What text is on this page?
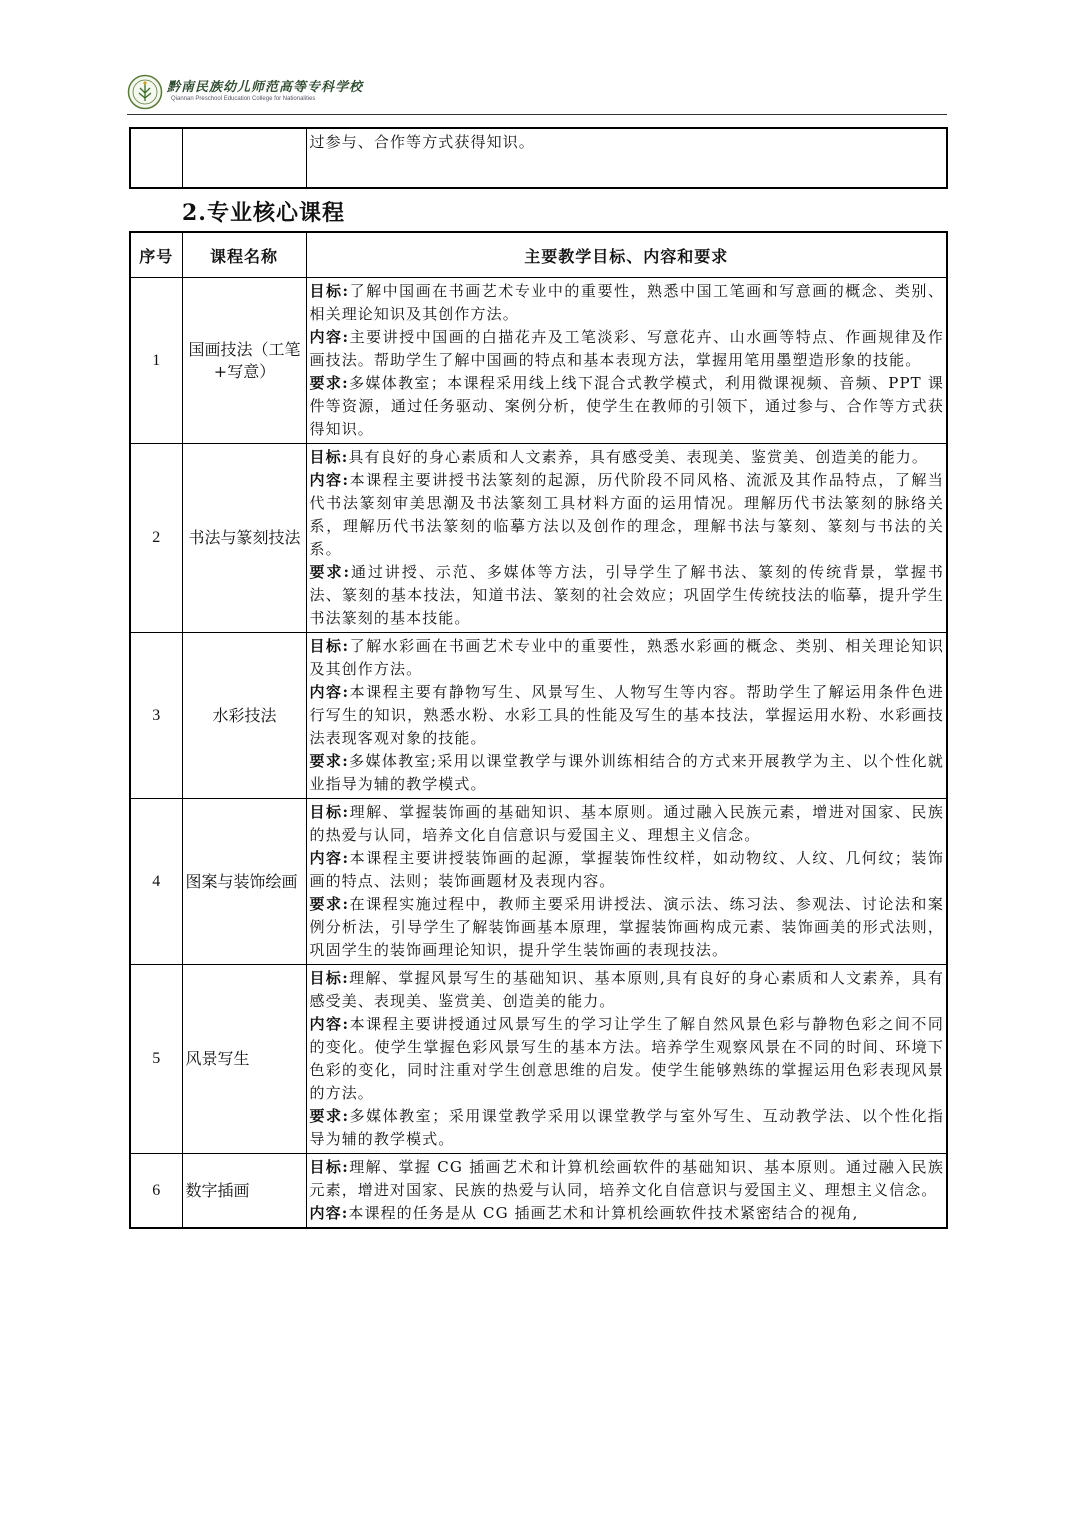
黔南民族幼儿师范高等专科学校
Qiannan Preschool Education College for Nationalities

过参与、合作等方式获得知识。

2.专业核心课程
序号	课程名称	主要教学目标、内容和要求
1	国画技法（工笔+写意）	目标:了解中国画在书画艺术专业中的重要性，熟悉中国工笔画和写意画的概念、类别、相关理论知识及其创作方法。

内容:主要讲授中国画的白描花卉及工笔淡彩、写意花卉、山水画等特点、作画规律及作画技法。帮助学生了解中国画的特点和基本表现方法，掌握用笔用墨塑造形象的技能。

要求:多媒体教室；本课程采用线上线下混合式教学模式，利用微课视频、音频、PPT 课件等资源，通过任务驱动、案例分析，使学生在教师的引领下，通过参与、合作等方式获得知识。

2	书法与篆刻技法	目标:具有良好的身心素质和人文素养，具有感受美、表现美、鉴赏美、创造美的能力。

内容:本课程主要讲授书法篆刻的起源，历代阶段不同风格、流派及其作品特点，了解当代书法篆刻审美思潮及书法篆刻工具材料方面的运用情况。理解历代书法篆刻的脉络关系，理解历代书法篆刻的临摹方法以及创作的理念，理解书法与篆刻、篆刻与书法的关系。

要求:通过讲授、示范、多媒体等方法，引导学生了解书法、篆刻的传统背景，掌握书法、篆刻的基本技法，知道书法、篆刻的社会效应；巩固学生传统技法的临摹，提升学生书法篆刻的基本技能。

3	水彩技法	目标:了解水彩画在书画艺术专业中的重要性，熟悉水彩画的概念、类别、相关理论知识及其创作方法。

内容:本课程主要有静物写生、风景写生、人物写生等内容。帮助学生了解运用条件色进行写生的知识，熟悉水粉、水彩工具的性能及写生的基本技法，掌握运用水粉、水彩画技法表现客观对象的技能。

要求:多媒体教室;采用以课堂教学与课外训练相结合的方式来开展教学为主、以个性化就业指导为辅的教学模式。

4	图案与装饰绘画	目标:理解、掌握装饰画的基础知识、基本原则。通过融入民族元素，增进对国家、民族的热爱与认同，培养文化自信意识与爱国主义、理想主义信念。

内容:本课程主要讲授装饰画的起源，掌握装饰性纹样，如动物纹、人纹、几何纹；装饰画的特点、法则；装饰画题材及表现内容。

要求:在课程实施过程中，教师主要采用讲授法、演示法、练习法、参观法、讨论法和案例分析法，引导学生了解装饰画基本原理，掌握装饰画构成元素、装饰画美的形式法则，巩固学生的装饰画理论知识，提升学生装饰画的表现技法。

5	风景写生	目标:理解、掌握风景写生的基础知识、基本原则,具有良好的身心素质和人文素养，具有感受美、表现美、鉴赏美、创造美的能力。

内容:本课程主要讲授通过风景写生的学习让学生了解自然风景色彩与静物色彩之间不同的变化。使学生掌握色彩风景写生的基本方法。培养学生观察风景在不同的时间、环境下色彩的变化，同时注重对学生创意思维的启发。使学生能够熟练的掌握运用色彩表现风景的方法。

要求:多媒体教室；采用课堂教学采用以课堂教学与室外写生、互动教学法、以个性化指导为辅的教学模式。

6	数字插画	目标:理解、掌握 CG 插画艺术和计算机绘画软件的基础知识、基本原则。通过融入民族元素，增进对国家、民族的热爱与认同，培养文化自信意识与爱国主义、理想主义信念。

内容:本课程的任务是从 CG 插画艺术和计算机绘画软件技术紧密结合的视角,
